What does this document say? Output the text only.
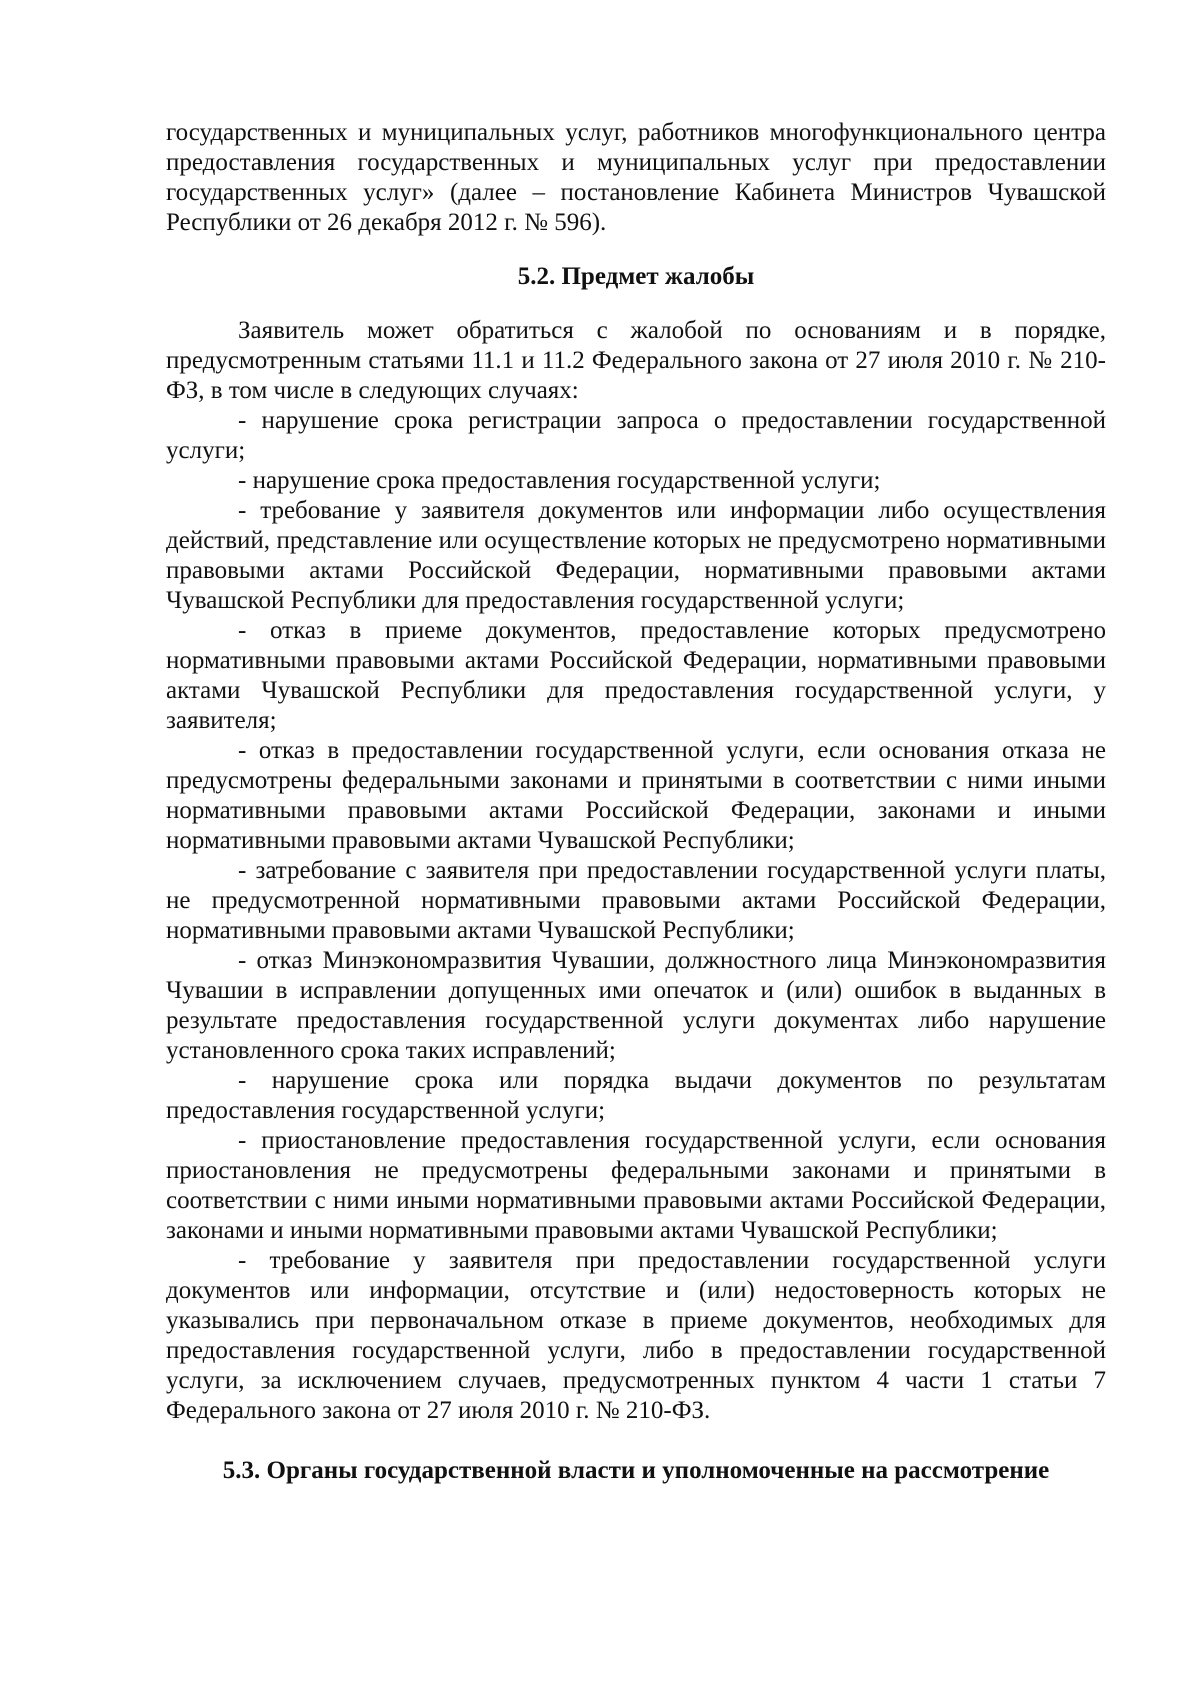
государственных и муниципальных услуг, работников многофункционального центра предоставления государственных и муниципальных услуг при предоставлении государственных услуг» (далее – постановление Кабинета Министров Чувашской Республики от 26 декабря 2012 г. № 596).

5.2. Предмет жалобы

Заявитель может обратиться с жалобой по основаниям и в порядке, предусмотренным статьями 11.1 и 11.2 Федерального закона от 27 июля 2010 г. № 210-ФЗ, в том числе в следующих случаях:

- нарушение срока регистрации запроса о предоставлении государственной услуги;
- нарушение срока предоставления государственной услуги;
- требование у заявителя документов или информации либо осуществления действий, представление или осуществление которых не предусмотрено нормативными правовыми актами Российской Федерации, нормативными правовыми актами Чувашской Республики для предоставления государственной услуги;
- отказ в приеме документов, предоставление которых предусмотрено нормативными правовыми актами Российской Федерации, нормативными правовыми актами Чувашской Республики для предоставления государственной услуги, у заявителя;
- отказ в предоставлении государственной услуги, если основания отказа не предусмотрены федеральными законами и принятыми в соответствии с ними иными нормативными правовыми актами Российской Федерации, законами и иными нормативными правовыми актами Чувашской Республики;
- затребование с заявителя при предоставлении государственной услуги платы, не предусмотренной нормативными правовыми актами Российской Федерации, нормативными правовыми актами Чувашской Республики;
- отказ Минэкономразвития Чувашии, должностного лица Минэкономразвития Чувашии в исправлении допущенных ими опечаток и (или) ошибок в выданных в результате предоставления государственной услуги документах либо нарушение установленного срока таких исправлений;
- нарушение срока или порядка выдачи документов по результатам предоставления государственной услуги;
- приостановление предоставления государственной услуги, если основания приостановления не предусмотрены федеральными законами и принятыми в соответствии с ними иными нормативными правовыми актами Российской Федерации, законами и иными нормативными правовыми актами Чувашской Республики;
- требование у заявителя при предоставлении государственной услуги документов или информации, отсутствие и (или) недостоверность которых не указывались при первоначальном отказе в приеме документов, необходимых для предоставления государственной услуги, либо в предоставлении государственной услуги, за исключением случаев, предусмотренных пунктом 4 части 1 статьи 7 Федерального закона от 27 июля 2010 г. № 210-ФЗ.
5.3. Органы государственной власти и уполномоченные на рассмотрение
